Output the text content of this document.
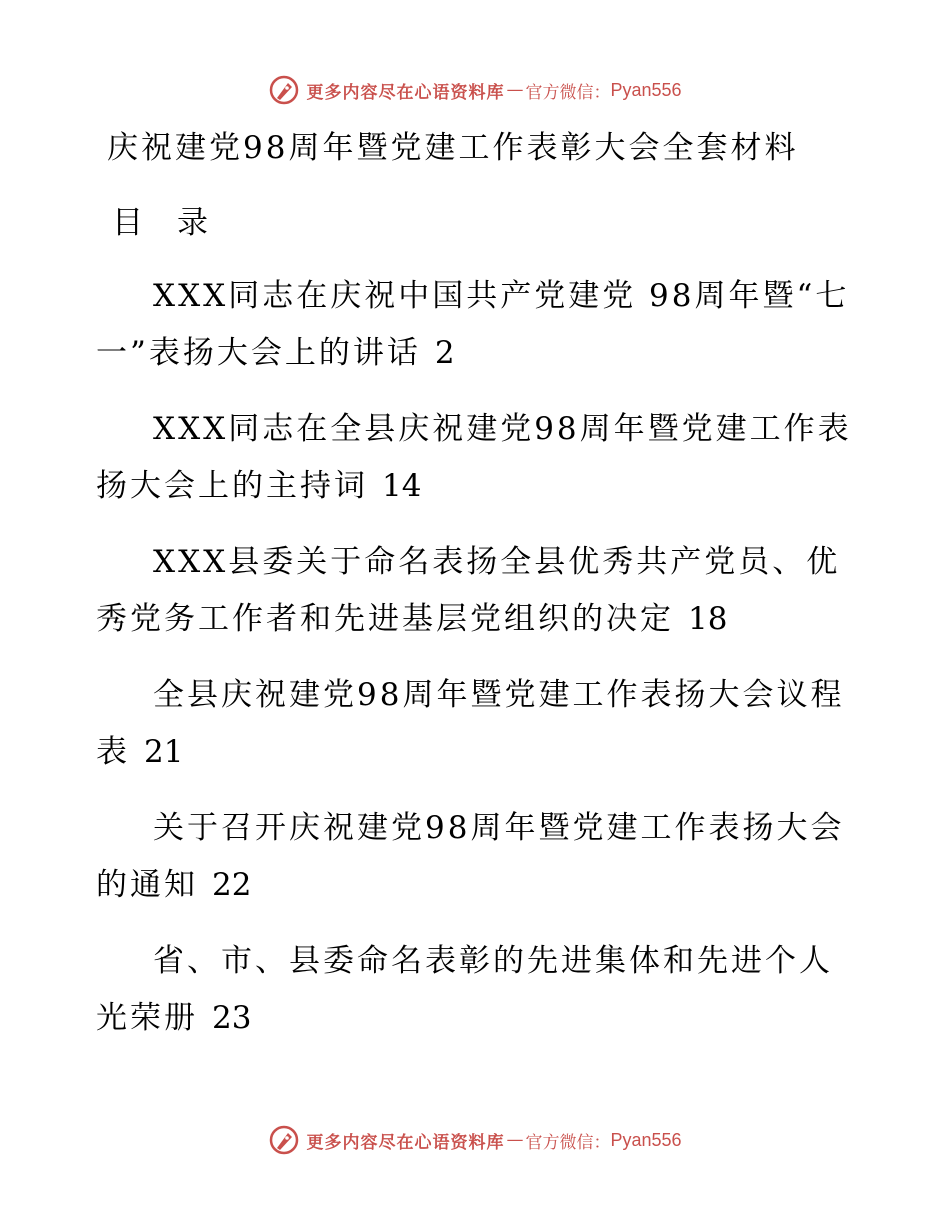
更多内容尽在心语资料库 — 官方微信： Pyan556
庆祝建党98周年暨党建工作表彰大会全套材料
目 录
XXX同志在庆祝中国共产党建党 98周年暨“七一”表扬大会上的讲话 2
XXX同志在全县庆祝建党98周年暨党建工作表扬大会上的主持词 14
XXX县委关于命名表扬全县优秀共产党员、优秀党务工作者和先进基层党组织的决定 18
全县庆祝建党98周年暨党建工作表扬大会议程表 21
关于召开庆祝建党98周年暨党建工作表扬大会的通知 22
省、市、县委命名表彰的先进集体和先进个人光荣册 23
更多内容尽在心语资料库 — 官方微信： Pyan556
